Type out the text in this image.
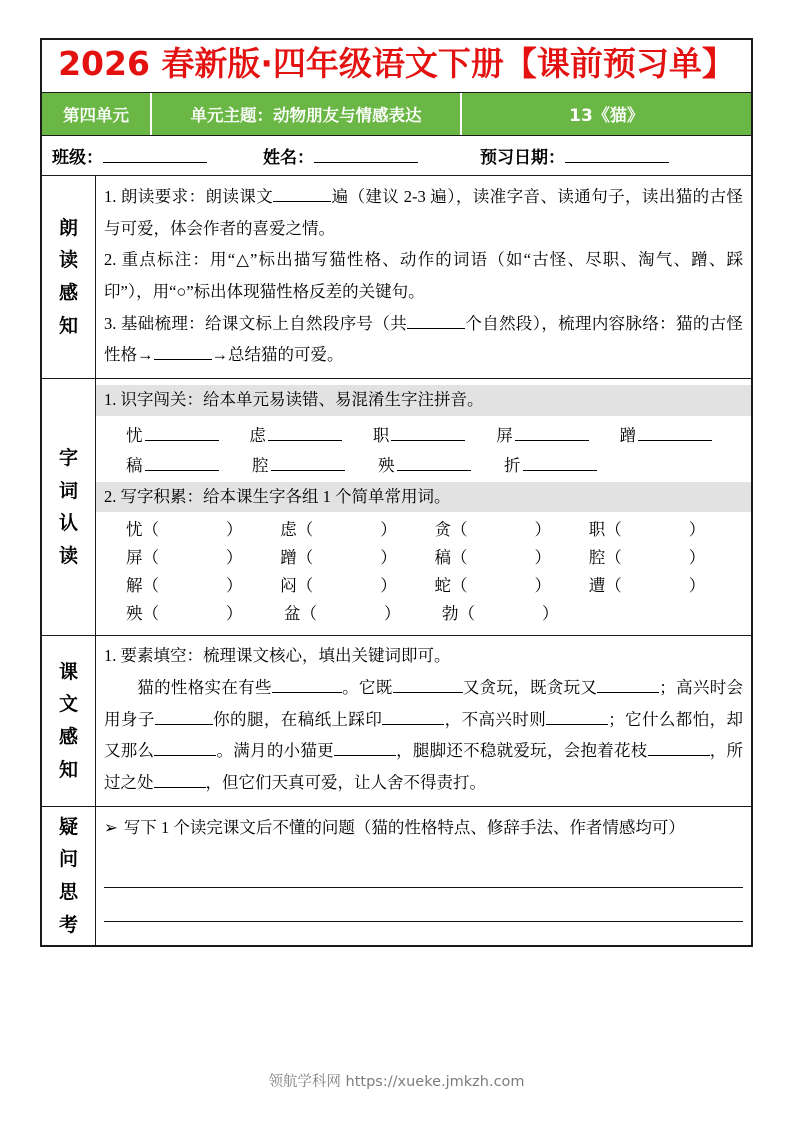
2026 春新版·四年级语文下册【课前预习单】
第四单元	单元主题：动物朋友与情感表达	13《猫》
班级：	姓名：	预习日期：
朗
读
感
知
1. 朗读要求：朗读课文	遍（建议 2-3 遍），读准字音、读通句子，读出猫的古怪与可爱，体会作者的喜爱之情。
2. 重点标注：用“△”标出描写猫性格、动作的词语（如“古怪、尽职、淘气、蹭、踩印”），用“○”标出体现猫性格反差的关键句。
3. 基础梳理：给课文标上自然段序号（共	个自然段），梳理内容脉络：猫的古怪性格→	→总结猫的可爱。
字
词
认
读
1. 识字闯关：给本单元易读错、易混淆生字注拼音。
忧	虑	职	屏	蹭
稿	腔	殃	折
2. 写字积累：给本课生字各组 1 个简单常用词。
忧 （	） 虑 （	） 贪 （	） 职 （	）
屏 （	） 蹭 （	） 稿 （	） 腔 （	）
解 （	） 闷 （	） 蛇 （	） 遭 （	）
殃 （	）	盆 （	）	勃 （	）
课
文
感
知
1. 要素填空：梳理课文核心，填出关键词即可。
猫的性格实在有些	。它既	又贪玩，既贪玩又	；高兴时会用身子	你的腿，在稿纸上踩印	，不高兴时则	；它什么都怕，却又那么	。满月的小猫更	，腿脚还不稳就爱玩，会抱着花枝	，所过之处	，但它们天真可爱，让人舍不得责打。
疑
问
思
考
➢ 写下 1 个读完课文后不懂的问题（猫的性格特点、修辞手法、作者情感均可）
领航学科网 https://xueke.jmkzh.com
